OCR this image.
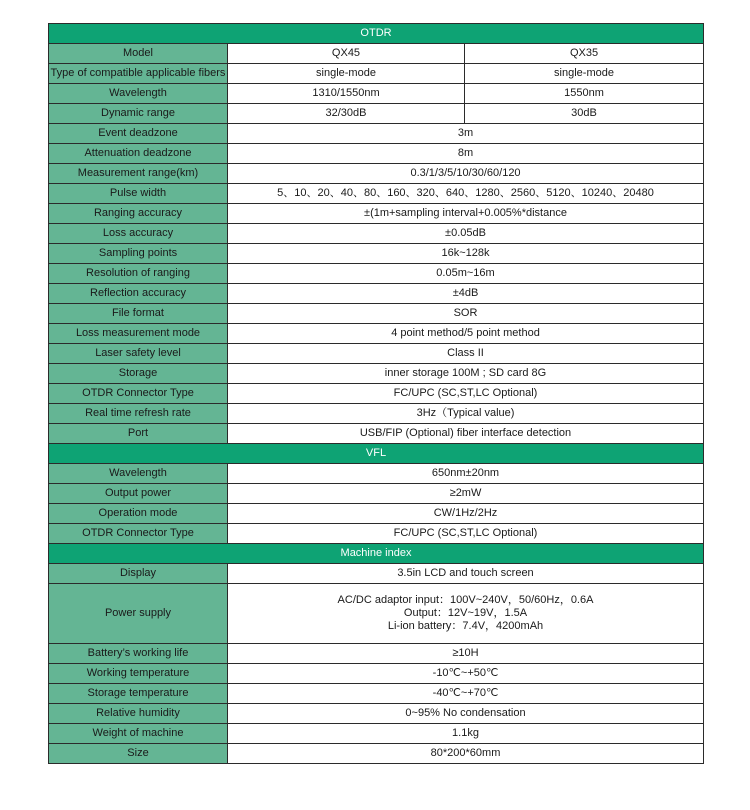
OTDR		
Model	QX45	QX35
Type of compatible applicable fibers	single-mode	single-mode
Wavelength	1310/1550nm	1550nm
Dynamic range	32/30dB	30dB
Event deadzone	3m	
Attenuation deadzone	8m	
Measurement range(km)	0.3/1/3/5/10/30/60/120	
Pulse width	5、10、20、40、80、160、320、640、1280、2560、5120、10240、20480	
Ranging accuracy	±(1m+sampling interval+0.005%*distance	
Loss accuracy	±0.05dB	
Sampling points	16k~128k	
Resolution of ranging	0.05m~16m	
Reflection accuracy	±4dB	
File format	SOR	
Loss measurement mode	4 point method/5 point method	
Laser safety level	Class II	
Storage	inner storage 100M ; SD card 8G	
OTDR Connector Type	FC/UPC (SC,ST,LC Optional)	
Real time refresh rate	3Hz（Typical value)	
Port	USB/FIP (Optional) fiber interface detection	
VFL		
Wavelength	650nm±20nm	
Output power	≥2mW	
Operation mode	CW/1Hz/2Hz	
OTDR Connector Type	FC/UPC (SC,ST,LC Optional)	
Machine index		
Display	3.5in LCD and touch screen	
Power supply	AC/DC adaptor input：100V~240V，50/60Hz，0.6A
Output：12V~19V，1.5A
Li-ion battery：7.4V，4200mAh	

Battery’s working life	≥10H	
Working temperature	-10℃~+50℃	
Storage temperature	-40℃~+70℃	
Relative humidity	0~95% No condensation	
Weight of machine	1.1kg	
Size	80*200*60mm	
